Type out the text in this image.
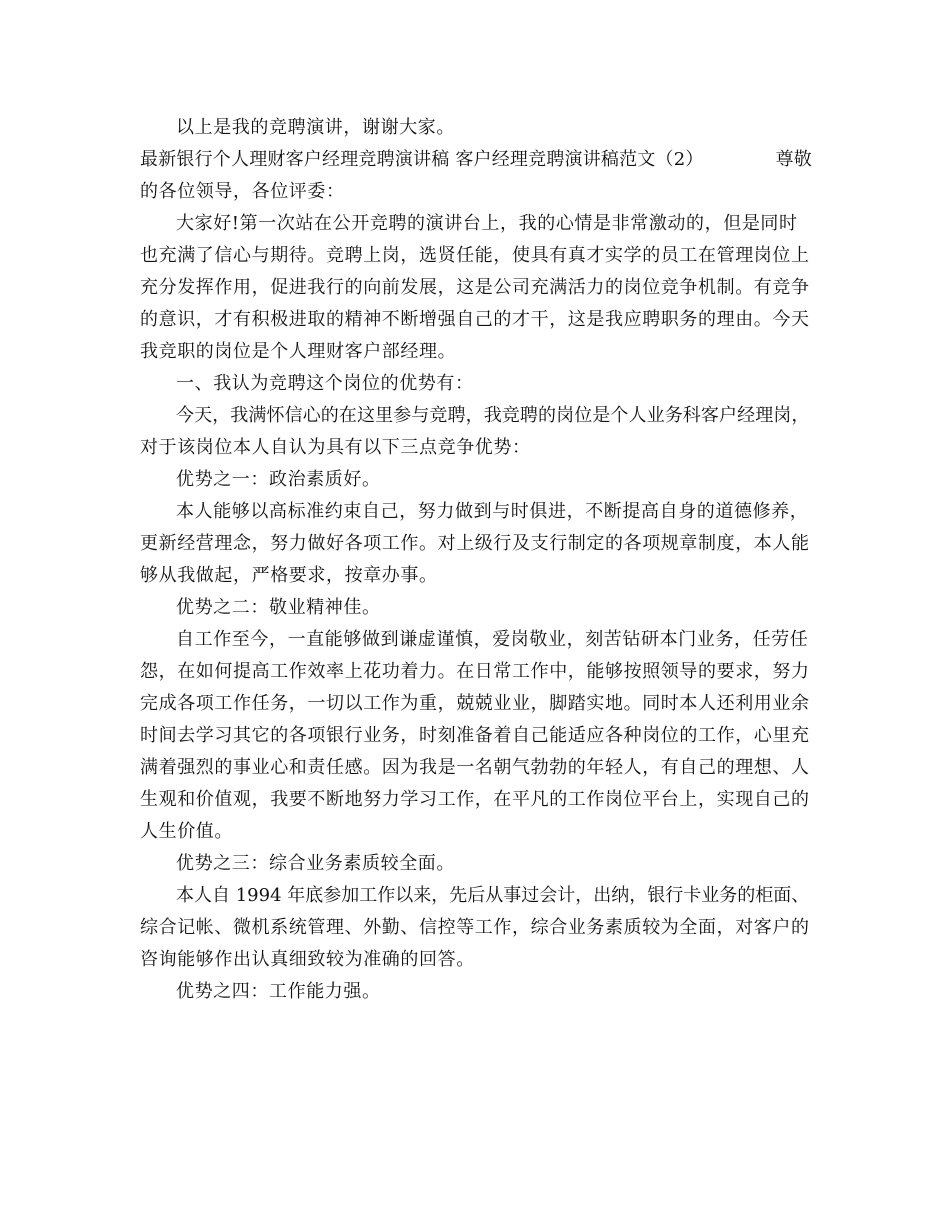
以上是我的竞聘演讲，谢谢大家。
最新银行个人理财客户经理竞聘演讲稿 客户经理竞聘演讲稿范文（2）	尊敬
的各位领导，各位评委：
大家好!第一次站在公开竞聘的演讲台上，我的心情是非常激动的，但是同时
也充满了信心与期待。竞聘上岗，选贤任能，使具有真才实学的员工在管理岗位上
充分发挥作用，促进我行的向前发展，这是公司充满活力的岗位竞争机制。有竞争
的意识，才有积极进取的精神不断增强自己的才干，这是我应聘职务的理由。今天
我竞职的岗位是个人理财客户部经理。
一、我认为竞聘这个岗位的优势有：
今天，我满怀信心的在这里参与竞聘，我竞聘的岗位是个人业务科客户经理岗，
对于该岗位本人自认为具有以下三点竞争优势：
优势之一：政治素质好。
本人能够以高标准约束自己，努力做到与时俱进，不断提高自身的道德修养，
更新经营理念，努力做好各项工作。对上级行及支行制定的各项规章制度，本人能
够从我做起，严格要求，按章办事。
优势之二：敬业精神佳。
自工作至今，一直能够做到谦虚谨慎，爱岗敬业，刻苦钻研本门业务，任劳任
怨，在如何提高工作效率上花功着力。在日常工作中，能够按照领导的要求，努力
完成各项工作任务，一切以工作为重，兢兢业业，脚踏实地。同时本人还利用业余
时间去学习其它的各项银行业务，时刻准备着自己能适应各种岗位的工作，心里充
满着强烈的事业心和责任感。因为我是一名朝气勃勃的年轻人，有自己的理想、人
生观和价值观，我要不断地努力学习工作，在平凡的工作岗位平台上，实现自己的
人生价值。
优势之三：综合业务素质较全面。
本人自 1994 年底参加工作以来，先后从事过会计，出纳，银行卡业务的柜面、
综合记帐、微机系统管理、外勤、信控等工作，综合业务素质较为全面，对客户的
咨询能够作出认真细致较为准确的回答。
优势之四：工作能力强。
